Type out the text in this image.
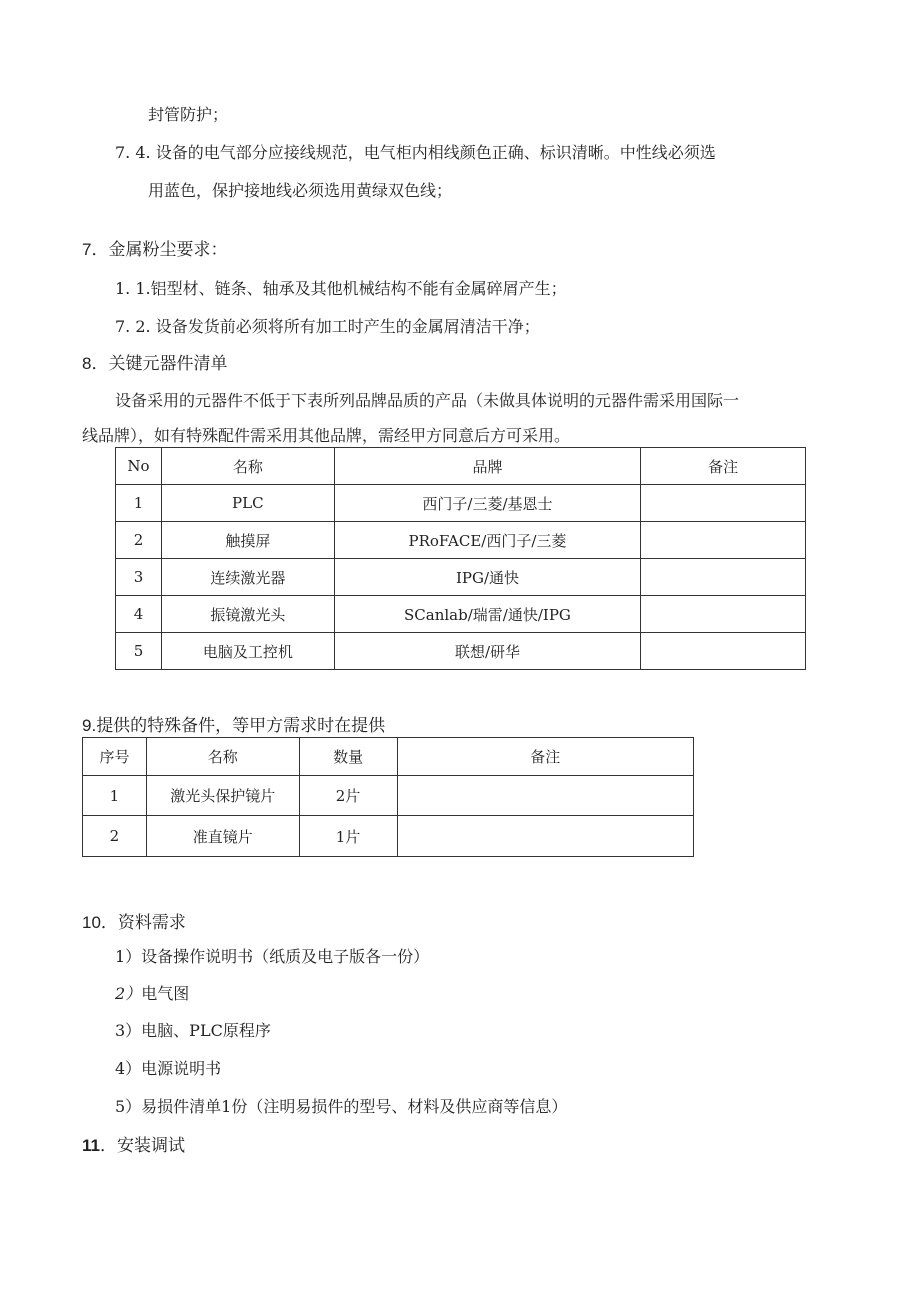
封管防护；
7. 4. 设备的电气部分应接线规范，电气柜内相线颜色正确、标识清晰。中性线必须选
用蓝色，保护接地线必须选用黄绿双色线；
7．金属粉尘要求：
1. 1.铝型材、链条、轴承及其他机械结构不能有金属碎屑产生；
7. 2. 设备发货前必须将所有加工时产生的金属屑清洁干净；
8．关键元器件清单
设备采用的元器件不低于下表所列品牌品质的产品（未做具体说明的元器件需采用国际一
线品牌），如有特殊配件需采用其他品牌，需经甲方同意后方可采用。
No	名称	品牌	备注
1	PLC	西门子/三菱/基恩士	
2	触摸屏	PRoFACE/西门子/三菱	
3	连续激光器	IPG/通快	
4	振镜激光头	SCanlab/瑞雷/通快/IPG	
5	电脑及工控机	联想/研华	
9.提供的特殊备件，等甲方需求时在提供
序号	名称	数量	备注
1	激光头保护镜片	2片	
2	准直镜片	1片	
10．资料需求
1）设备操作说明书（纸质及电子版各一份）
2）电气图
3）电脑、PLC原程序
4）电源说明书
5）易损件清单1份（注明易损件的型号、材料及供应商等信息）
11．安装调试
